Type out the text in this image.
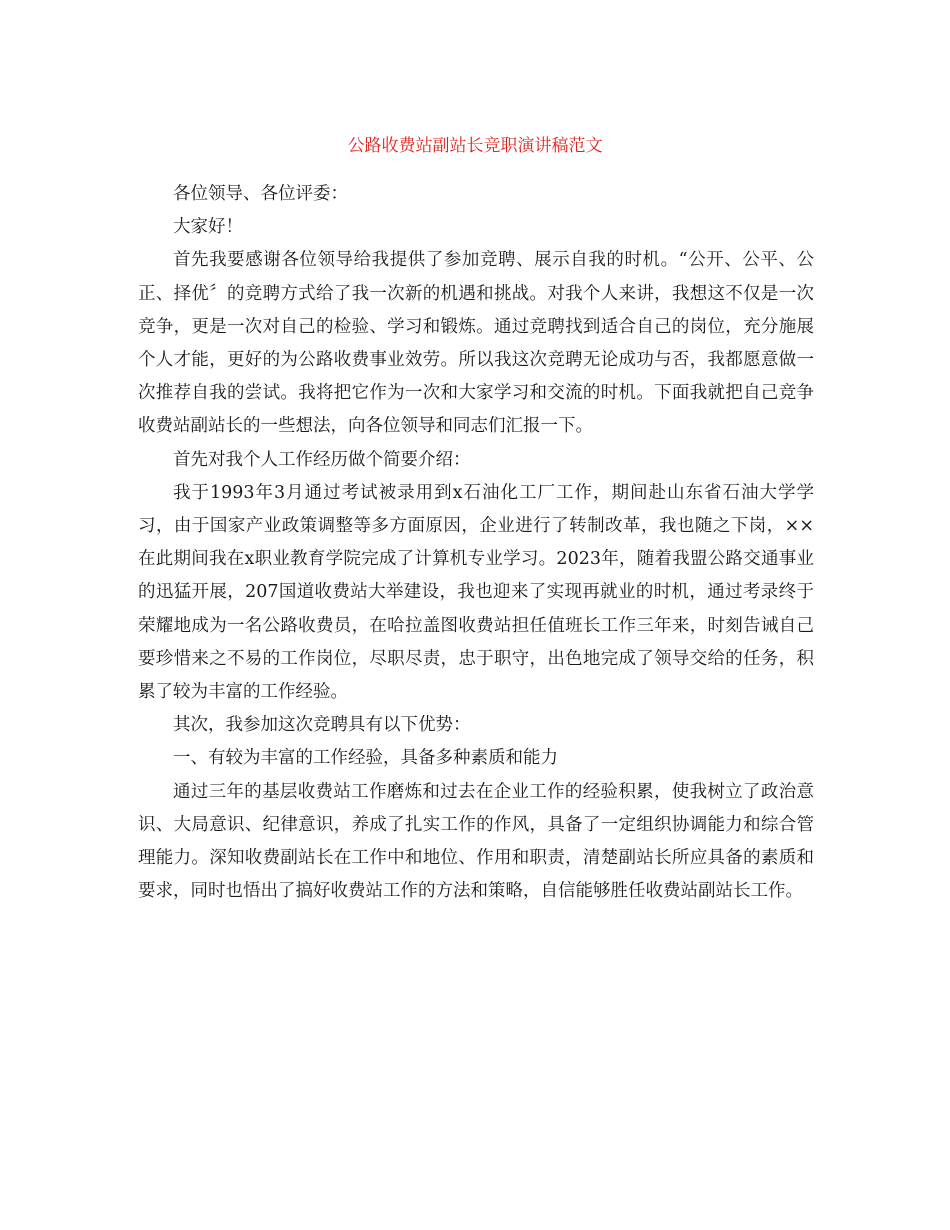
公路收费站副站长竞职演讲稿范文

各位领导、各位评委：

大家好！

首先我要感谢各位领导给我提供了参加竞聘、展示自我的时机。“公开、公平、公正、择优〞的竞聘方式给了我一次新的机遇和挑战。对我个人来讲，我想这不仅是一次竞争，更是一次对自己的检验、学习和锻炼。通过竞聘找到适合自己的岗位，充分施展个人才能，更好的为公路收费事业效劳。所以我这次竞聘无论成功与否，我都愿意做一次推荐自我的尝试。我将把它作为一次和大家学习和交流的时机。下面我就把自己竞争收费站副站长的一些想法，向各位领导和同志们汇报一下。

首先对我个人工作经历做个简要介绍：

我于1993年3月通过考试被录用到x石油化工厂工作，期间赴山东省石油大学学习，由于国家产业政策调整等多方面原因，企业进行了转制改革，我也随之下岗，××在此期间我在x职业教育学院完成了计算机专业学习。2023年，随着我盟公路交通事业的迅猛开展，207国道收费站大举建设，我也迎来了实现再就业的时机，通过考录终于荣耀地成为一名公路收费员，在哈拉盖图收费站担任值班长工作三年来，时刻告诫自己要珍惜来之不易的工作岗位，尽职尽责，忠于职守，出色地完成了领导交给的任务，积累了较为丰富的工作经验。

其次，我参加这次竞聘具有以下优势：

一、有较为丰富的工作经验，具备多种素质和能力

通过三年的基层收费站工作磨炼和过去在企业工作的经验积累，使我树立了政治意识、大局意识、纪律意识，养成了扎实工作的作风，具备了一定组织协调能力和综合管理能力。深知收费副站长在工作中和地位、作用和职责，清楚副站长所应具备的素质和要求，同时也悟出了搞好收费站工作的方法和策略，自信能够胜任收费站副站长工作。
